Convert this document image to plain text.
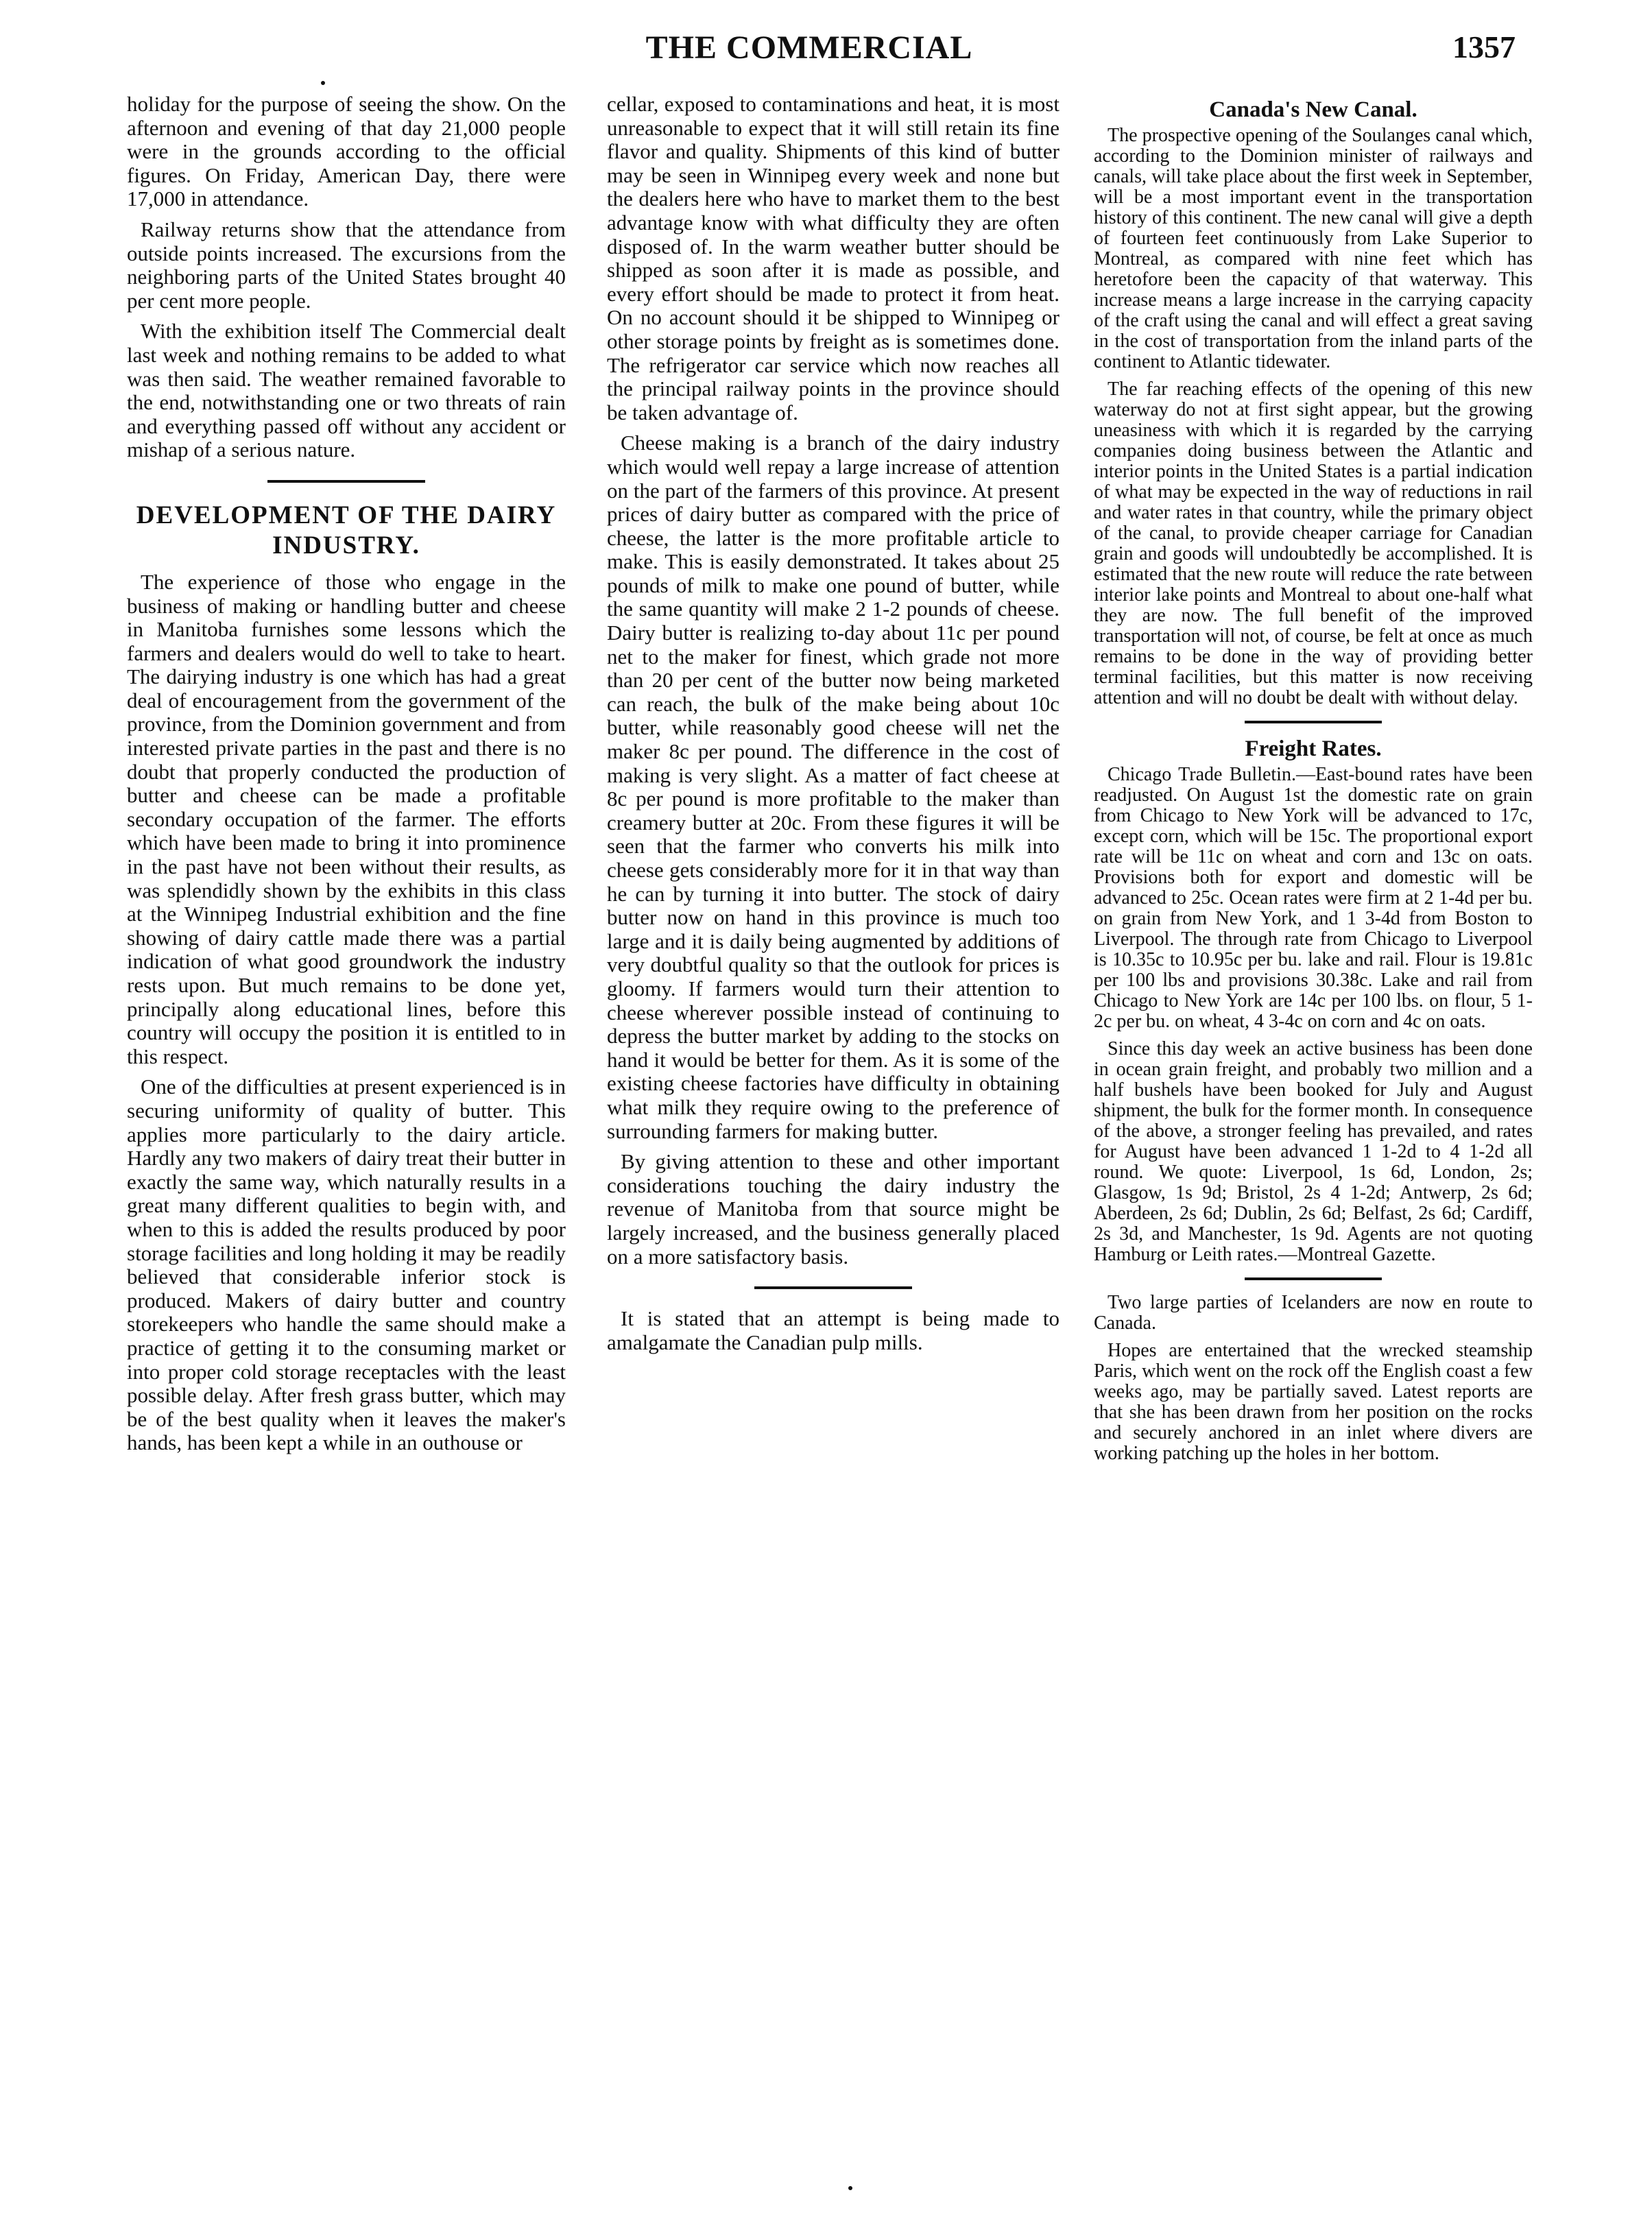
THE COMMERCIAL	1357

holiday for the purpose of seeing the show. On the afternoon and evening of that day 21,000 people were in the grounds according to the official figures. On Friday, American Day, there were 17,000 in attendance.

Railway returns show that the attendance from outside points increased. The excursions from the neighboring parts of the United States brought 40 per cent more people.

With the exhibition itself The Commercial dealt last week and nothing remains to be added to what was then said. The weather remained favorable to the end, notwithstanding one or two threats of rain and everything passed off without any accident or mishap of a serious nature.

DEVELOPMENT OF THE DAIRY INDUSTRY.

The experience of those who engage in the business of making or handling butter and cheese in Manitoba furnishes some lessons which the farmers and dealers would do well to take to heart. The dairying industry is one which has had a great deal of encouragement from the government of the province, from the Dominion government and from interested private parties in the past and there is no doubt that properly conducted the production of butter and cheese can be made a profitable secondary occupation of the farmer. The efforts which have been made to bring it into prominence in the past have not been without their results, as was splendidly shown by the exhibits in this class at the Winnipeg Industrial exhibition and the fine showing of dairy cattle made there was a partial indication of what good groundwork the industry rests upon. But much remains to be done yet, principally along educational lines, before this country will occupy the position it is entitled to in this respect.

One of the difficulties at present experienced is in securing uniformity of quality of butter. This applies more particularly to the dairy article. Hardly any two makers of dairy treat their butter in exactly the same way, which naturally results in a great many different qualities to begin with, and when to this is added the results produced by poor storage facilities and long holding it may be readily believed that considerable inferior stock is produced. Makers of dairy butter and country storekeepers who handle the same should make a practice of getting it to the consuming market or into proper cold storage receptacles with the least possible delay. After fresh grass butter, which may be of the best quality when it leaves the maker's hands, has been kept a while in an outhouse or

cellar, exposed to contaminations and heat, it is most unreasonable to expect that it will still retain its fine flavor and quality. Shipments of this kind of butter may be seen in Winnipeg every week and none but the dealers here who have to market them to the best advantage know with what difficulty they are often disposed of. In the warm weather butter should be shipped as soon after it is made as possible, and every effort should be made to protect it from heat. On no account should it be shipped to Winnipeg or other storage points by freight as is sometimes done. The refrigerator car service which now reaches all the principal railway points in the province should be taken advantage of.

Cheese making is a branch of the dairy industry which would well repay a large increase of attention on the part of the farmers of this province. At present prices of dairy butter as compared with the price of cheese, the latter is the more profitable article to make. This is easily demonstrated. It takes about 25 pounds of milk to make one pound of butter, while the same quantity will make 2 1-2 pounds of cheese. Dairy butter is realizing to-day about 11c per pound net to the maker for finest, which grade not more than 20 per cent of the butter now being marketed can reach, the bulk of the make being about 10c butter, while reasonably good cheese will net the maker 8c per pound. The difference in the cost of making is very slight. As a matter of fact cheese at 8c per pound is more profitable to the maker than creamery butter at 20c. From these figures it will be seen that the farmer who converts his milk into cheese gets considerably more for it in that way than he can by turning it into butter. The stock of dairy butter now on hand in this province is much too large and it is daily being augmented by additions of very doubtful quality so that the outlook for prices is gloomy. If farmers would turn their attention to cheese wherever possible instead of continuing to depress the butter market by adding to the stocks on hand it would be better for them. As it is some of the existing cheese factories have difficulty in obtaining what milk they require owing to the preference of surrounding farmers for making butter.

By giving attention to these and other important considerations touching the dairy industry the revenue of Manitoba from that source might be largely increased, and the business generally placed on a more satisfactory basis.

It is stated that an attempt is being made to amalgamate the Canadian pulp mills.

Canada's New Canal.

The prospective opening of the Soulanges canal which, according to the Dominion minister of railways and canals, will take place about the first week in September, will be a most important event in the transportation history of this continent. The new canal will give a depth of fourteen feet continuously from Lake Superior to Montreal, as compared with nine feet which has heretofore been the capacity of that waterway. This increase means a large increase in the carrying capacity of the craft using the canal and will effect a great saving in the cost of transportation from the inland parts of the continent to Atlantic tidewater.

The far reaching effects of the opening of this new waterway do not at first sight appear, but the growing uneasiness with which it is regarded by the carrying companies doing business between the Atlantic and interior points in the United States is a partial indication of what may be expected in the way of reductions in rail and water rates in that country, while the primary object of the canal, to provide cheaper carriage for Canadian grain and goods will undoubtedly be accomplished. It is estimated that the new route will reduce the rate between interior lake points and Montreal to about one-half what they are now. The full benefit of the improved transportation will not, of course, be felt at once as much remains to be done in the way of providing better terminal facilities, but this matter is now receiving attention and will no doubt be dealt with without delay.

Freight Rates.

Chicago Trade Bulletin.—East-bound rates have been readjusted. On August 1st the domestic rate on grain from Chicago to New York will be advanced to 17c, except corn, which will be 15c. The proportional export rate will be 11c on wheat and corn and 13c on oats. Provisions both for export and domestic will be advanced to 25c. Ocean rates were firm at 2 1-4d per bu. on grain from New York, and 1 3-4d from Boston to Liverpool. The through rate from Chicago to Liverpool is 10.35c to 10.95c per bu. lake and rail. Flour is 19.81c per 100 lbs and provisions 30.38c. Lake and rail from Chicago to New York are 14c per 100 lbs. on flour, 5 1-2c per bu. on wheat, 4 3-4c on corn and 4c on oats.

Since this day week an active business has been done in ocean grain freight, and probably two million and a half bushels have been booked for July and August shipment, the bulk for the former month. In consequence of the above, a stronger feeling has prevailed, and rates for August have been advanced 1 1-2d to 4 1-2d all round. We quote: Liverpool, 1s 6d, London, 2s; Glasgow, 1s 9d; Bristol, 2s 4 1-2d; Antwerp, 2s 6d; Aberdeen, 2s 6d; Dublin, 2s 6d; Belfast, 2s 6d; Cardiff, 2s 3d, and Manchester, 1s 9d. Agents are not quoting Hamburg or Leith rates.—Montreal Gazette.

Two large parties of Icelanders are now en route to Canada.

Hopes are entertained that the wrecked steamship Paris, which went on the rock off the English coast a few weeks ago, may be partially saved. Latest reports are that she has been drawn from her position on the rocks and securely anchored in an inlet where divers are working patching up the holes in her bottom.
